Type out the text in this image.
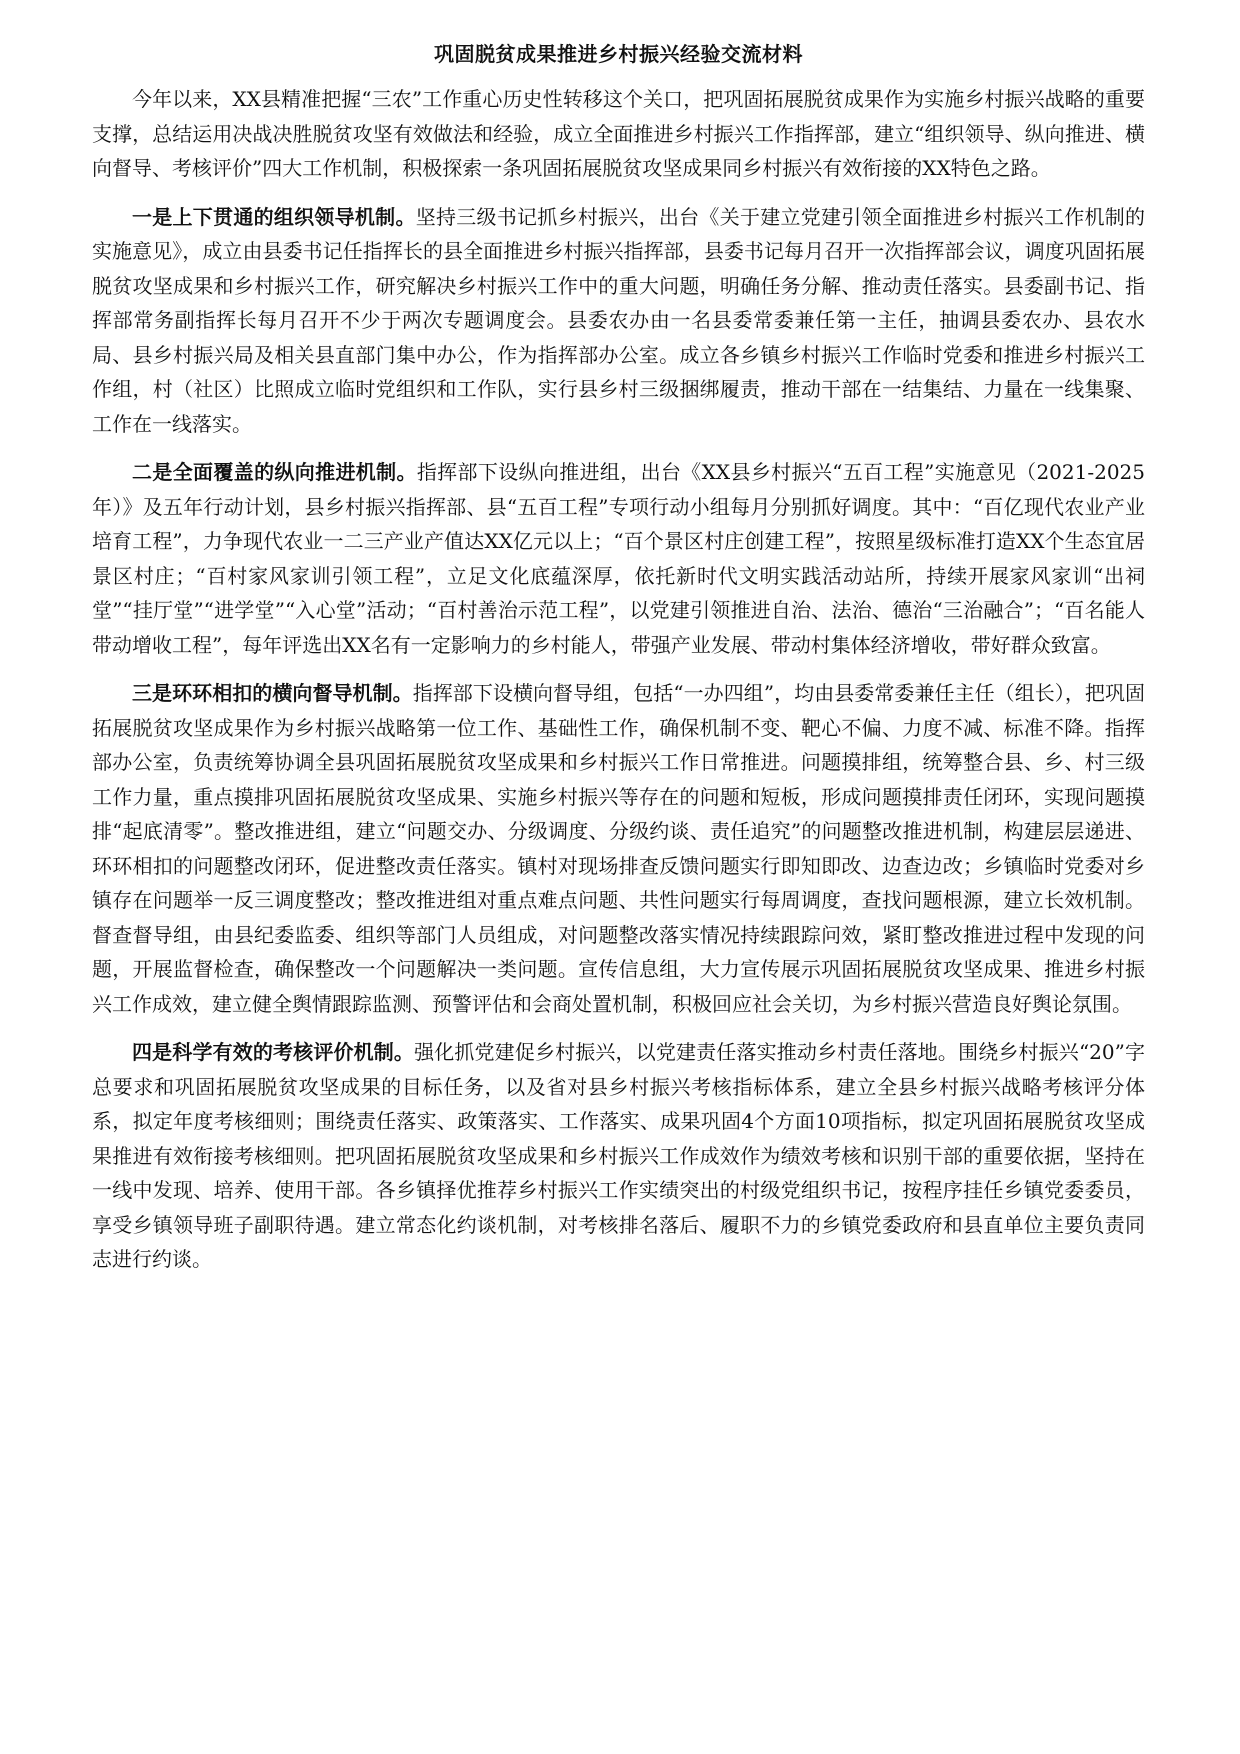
巩固脱贫成果推进乡村振兴经验交流材料

今年以来，XX县精准把握“三农”工作重心历史性转移这个关口，把巩固拓展脱贫成果作为实施乡村振兴战略的重要支撑，总结运用决战决胜脱贫攻坚有效做法和经验，成立全面推进乡村振兴工作指挥部，建立“组织领导、纵向推进、横向督导、考核评价”四大工作机制，积极探索一条巩固拓展脱贫攻坚成果同乡村振兴有效衔接的XX特色之路。

一是上下贯通的组织领导机制。坚持三级书记抓乡村振兴，出台《关于建立党建引领全面推进乡村振兴工作机制的实施意见》，成立由县委书记任指挥长的县全面推进乡村振兴指挥部，县委书记每月召开一次指挥部会议，调度巩固拓展脱贫攻坚成果和乡村振兴工作，研究解决乡村振兴工作中的重大问题，明确任务分解、推动责任落实。县委副书记、指挥部常务副指挥长每月召开不少于两次专题调度会。县委农办由一名县委常委兼任第一主任，抽调县委农办、县农水局、县乡村振兴局及相关县直部门集中办公，作为指挥部办公室。成立各乡镇乡村振兴工作临时党委和推进乡村振兴工作组，村（社区）比照成立临时党组织和工作队，实行县乡村三级捆绑履责，推动干部在一结集结、力量在一线集聚、工作在一线落实。

二是全面覆盖的纵向推进机制。指挥部下设纵向推进组，出台《XX县乡村振兴“五百工程”实施意见（2021-2025年）》及五年行动计划，县乡村振兴指挥部、县“五百工程”专项行动小组每月分别抓好调度。其中：“百亿现代农业产业培育工程”，力争现代农业一二三产业产值达XX亿元以上；“百个景区村庄创建工程”，按照星级标准打造XX个生态宜居景区村庄；“百村家风家训引领工程”，立足文化底蕴深厚，依托新时代文明实践活动站所，持续开展家风家训“出祠堂”“挂厅堂”“进学堂”“入心堂”活动；“百村善治示范工程”，以党建引领推进自治、法治、德治“三治融合”；“百名能人带动增收工程”，每年评选出XX名有一定影响力的乡村能人，带强产业发展、带动村集体经济增收，带好群众致富。

三是环环相扣的横向督导机制。指挥部下设横向督导组，包括“一办四组”，均由县委常委兼任主任（组长），把巩固拓展脱贫攻坚成果作为乡村振兴战略第一位工作、基础性工作，确保机制不变、靶心不偏、力度不减、标准不降。指挥部办公室，负责统筹协调全县巩固拓展脱贫攻坚成果和乡村振兴工作日常推进。问题摸排组，统筹整合县、乡、村三级工作力量，重点摸排巩固拓展脱贫攻坚成果、实施乡村振兴等存在的问题和短板，形成问题摸排责任闭环，实现问题摸排“起底清零”。整改推进组，建立“问题交办、分级调度、分级约谈、责任追究”的问题整改推进机制，构建层层递进、环环相扣的问题整改闭环，促进整改责任落实。镇村对现场排查反馈问题实行即知即改、边查边改；乡镇临时党委对乡镇存在问题举一反三调度整改；整改推进组对重点难点问题、共性问题实行每周调度，查找问题根源，建立长效机制。督查督导组，由县纪委监委、组织等部门人员组成，对问题整改落实情况持续跟踪问效，紧盯整改推进过程中发现的问题，开展监督检查，确保整改一个问题解决一类问题。宣传信息组，大力宣传展示巩固拓展脱贫攻坚成果、推进乡村振兴工作成效，建立健全舆情跟踪监测、预警评估和会商处置机制，积极回应社会关切，为乡村振兴营造良好舆论氛围。

四是科学有效的考核评价机制。强化抓党建促乡村振兴，以党建责任落实推动乡村责任落地。围绕乡村振兴“20”字总要求和巩固拓展脱贫攻坚成果的目标任务，以及省对县乡村振兴考核指标体系，建立全县乡村振兴战略考核评分体系，拟定年度考核细则；围绕责任落实、政策落实、工作落实、成果巩固4个方面10项指标，拟定巩固拓展脱贫攻坚成果推进有效衔接考核细则。把巩固拓展脱贫攻坚成果和乡村振兴工作成效作为绩效考核和识别干部的重要依据，坚持在一线中发现、培养、使用干部。各乡镇择优推荐乡村振兴工作实绩突出的村级党组织书记，按程序挂任乡镇党委委员，享受乡镇领导班子副职待遇。建立常态化约谈机制，对考核排名落后、履职不力的乡镇党委政府和县直单位主要负责同志进行约谈。
